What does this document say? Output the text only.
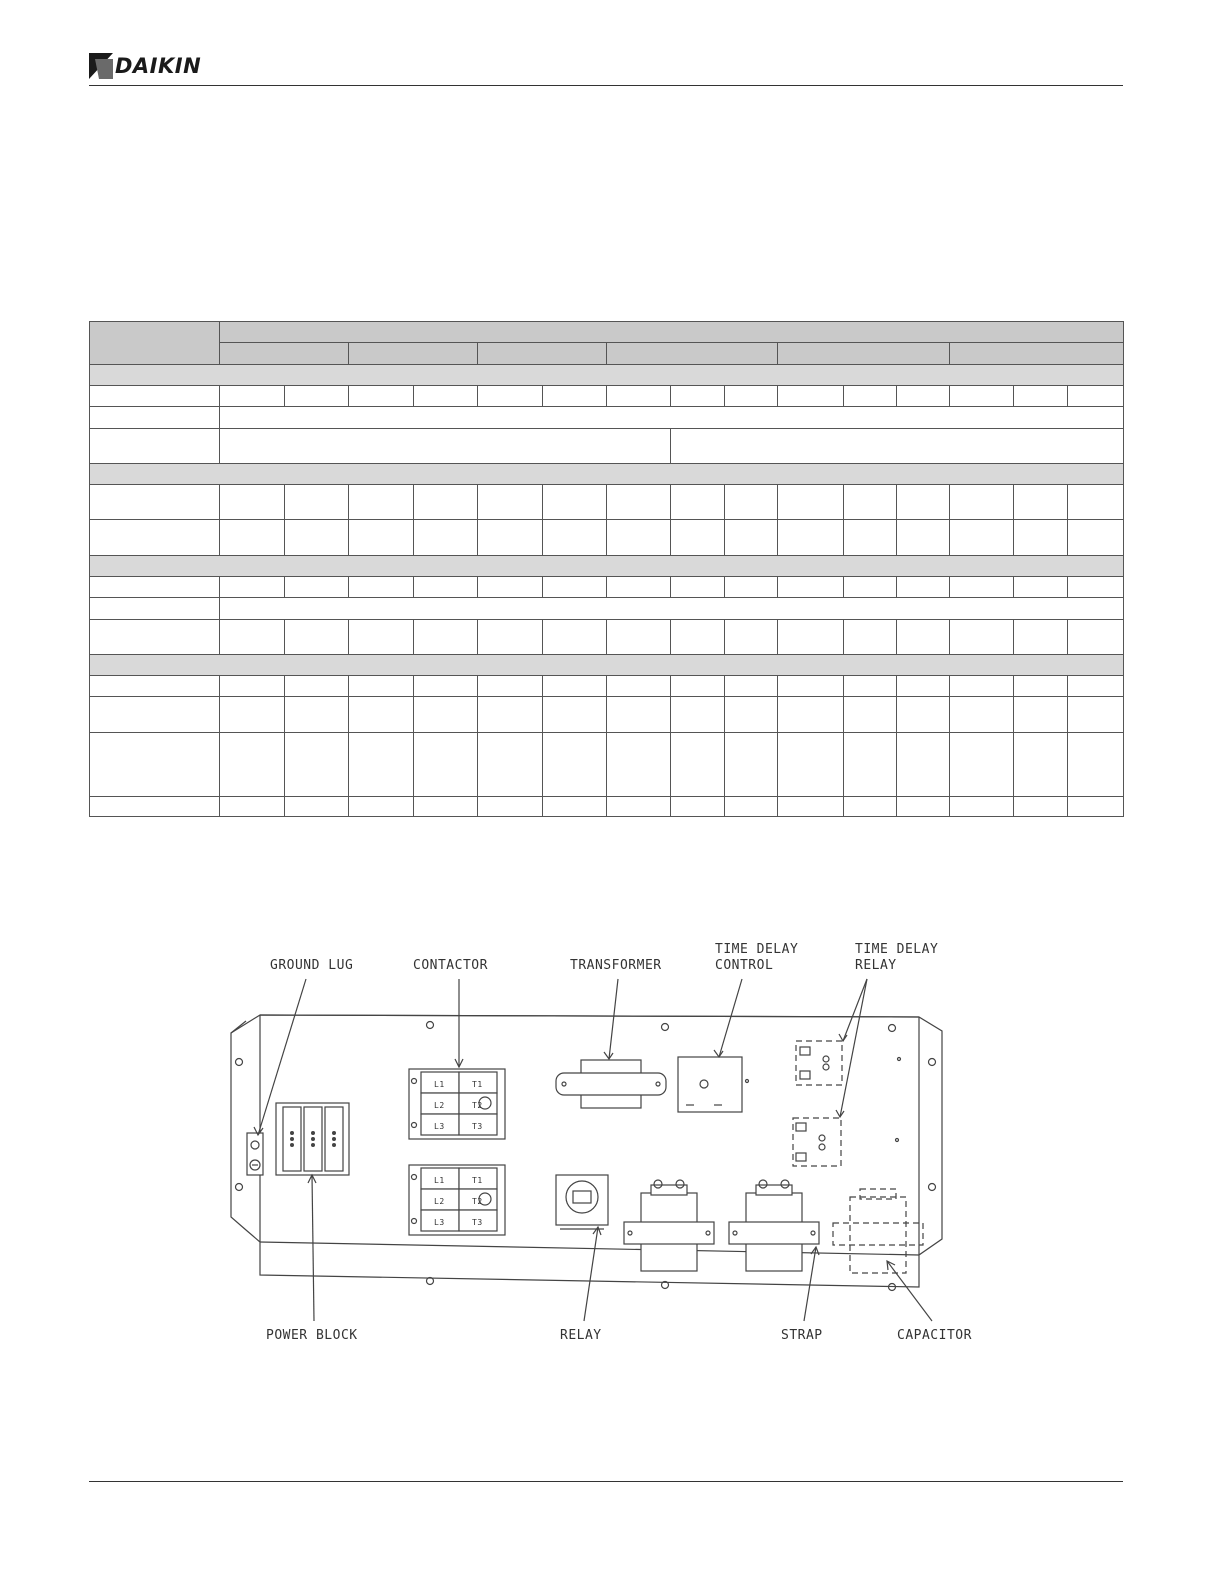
DAIKIN

GROUND LUG	CONTACTOR	TRANSFORMER
TIME DELAY
CONTROL
TIME DELAY
RELAY
POWER BLOCK	RELAY	STRAP	CAPACITOR
L1
L2
L3
T1
T2
T3
L1
L2
L3
T1
T2
T3
